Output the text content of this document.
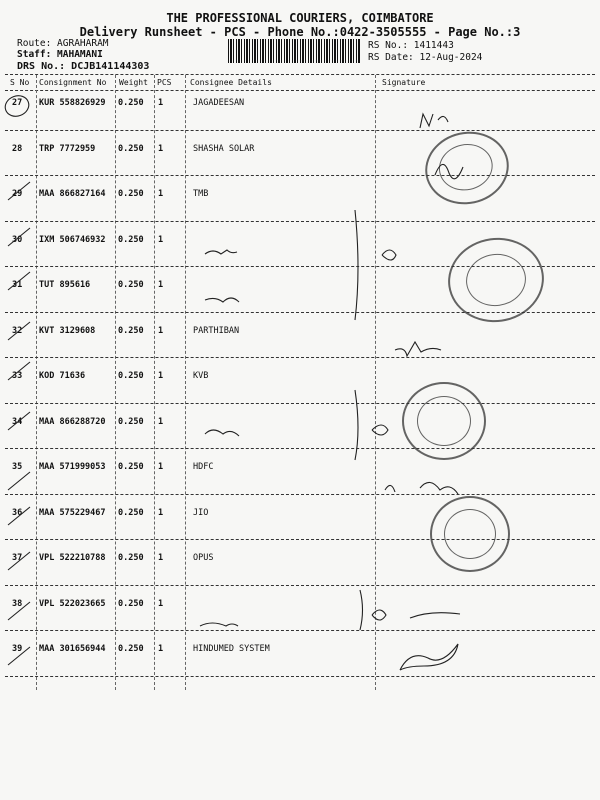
THE PROFESSIONAL COURIERS, COIMBATORE
Delivery Runsheet - PCS - Phone No.:0422-3505555 - Page No.:3
Route: AGRAHARAM
Staff: MAHAMANI
DRS No.: DCJB141144303
RS No.: 1411443
RS Date: 12-Aug-2024
S No Consignment No Weight PCS Consignee Details	Signature
27 KUR 558826929 0.250 1	JAGADEESAN
28 TRP 7772959	0.250 1	SHASHA SOLAR
29 MAA 866827164 0.250 1	TMB
30 IXM 506746932 0.250 1
31 TUT 895616	0.250 1
32 KVT 3129608	0.250 1	PARTHIBAN
33 KOD 71636	0.250 1	KVB
34 MAA 866288720 0.250 1
35 MAA 571999053 0.250 1	HDFC
36 MAA 575229467 0.250 1	JIO
37 VPL 522210788 0.250 1	OPUS
38 VPL 522023665 0.250 1
39 MAA 301656944 0.250 1	HINDUMED SYSTEM
